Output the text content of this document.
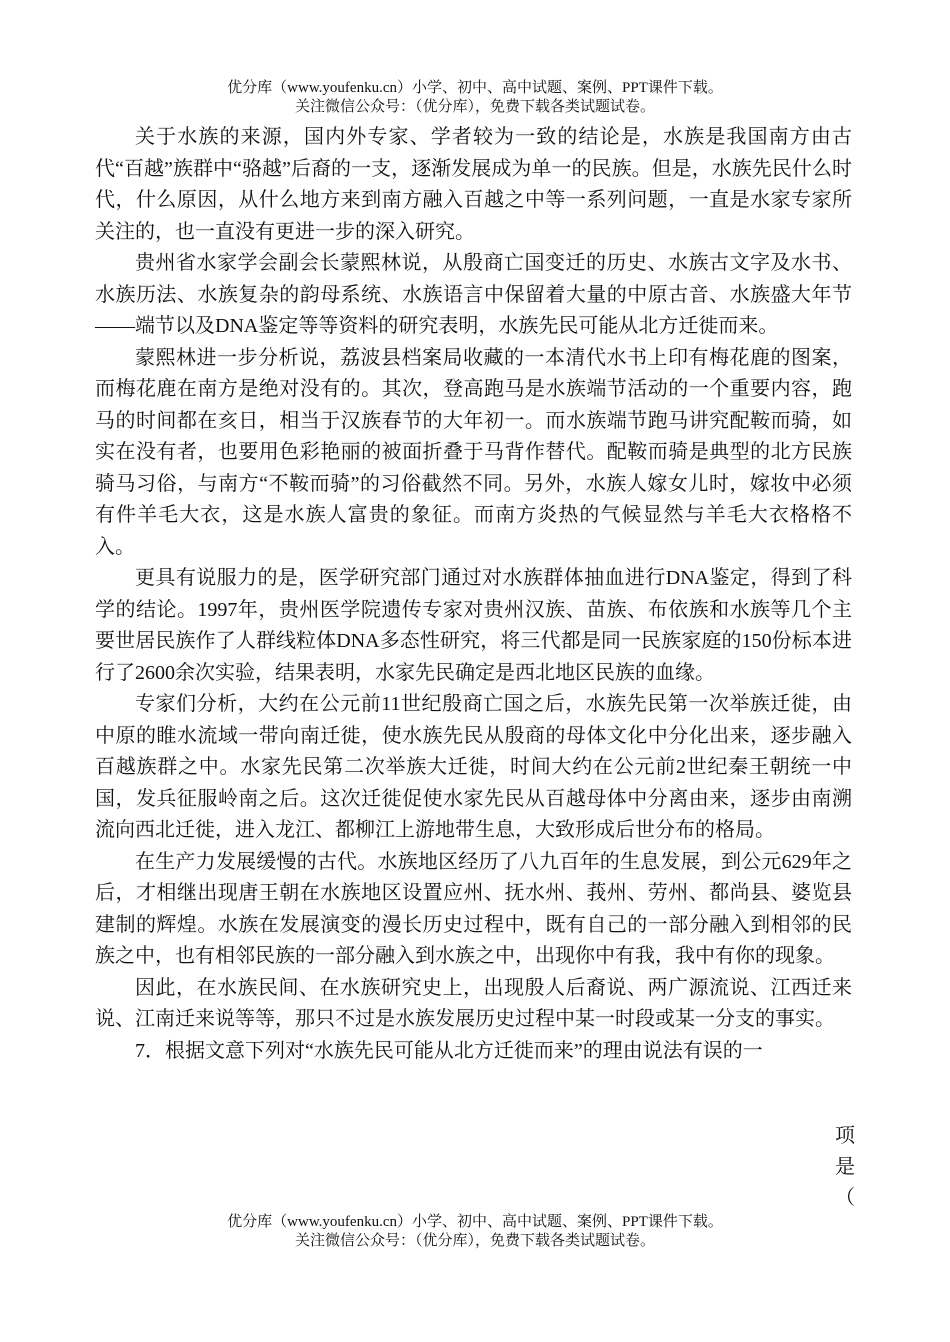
优分库（www.youfenku.cn）小学、初中、高中试题、案例、PPT课件下载。
关注微信公众号：（优分库），免费下载各类试题试卷。

关于水族的来源，国内外专家、学者较为一致的结论是，水族是我国南方由古代“百越”族群中“骆越”后裔的一支，逐渐发展成为单一的民族。但是，水族先民什么时代，什么原因，从什么地方来到南方融入百越之中等一系列问题，一直是水家专家所关注的，也一直没有更进一步的深入研究。

贵州省水家学会副会长蒙熙林说，从殷商亡国变迁的历史、水族古文字及水书、水族历法、水族复杂的韵母系统、水族语言中保留着大量的中原古音、水族盛大年节——端节以及DNA鉴定等等资料的研究表明，水族先民可能从北方迁徙而来。

蒙熙林进一步分析说，荔波县档案局收藏的一本清代水书上印有梅花鹿的图案，而梅花鹿在南方是绝对没有的。其次，登高跑马是水族端节活动的一个重要内容，跑马的时间都在亥日，相当于汉族春节的大年初一。而水族端节跑马讲究配鞍而骑，如实在没有者，也要用色彩艳丽的被面折叠于马背作替代。配鞍而骑是典型的北方民族骑马习俗，与南方“不鞍而骑”的习俗截然不同。另外，水族人嫁女儿时，嫁妆中必须有件羊毛大衣，这是水族人富贵的象征。而南方炎热的气候显然与羊毛大衣格格不入。

更具有说服力的是，医学研究部门通过对水族群体抽血进行DNA鉴定，得到了科学的结论。1997年，贵州医学院遗传专家对贵州汉族、苗族、布依族和水族等几个主要世居民族作了人群线粒体DNA多态性研究，将三代都是同一民族家庭的150份标本进行了2600余次实验，结果表明，水家先民确定是西北地区民族的血缘。

专家们分析，大约在公元前11世纪殷商亡国之后，水族先民第一次举族迁徙，由中原的睢水流域一带向南迁徙，使水族先民从殷商的母体文化中分化出来，逐步融入百越族群之中。水家先民第二次举族大迁徙，时间大约在公元前2世纪秦王朝统一中国，发兵征服岭南之后。这次迁徙促使水家先民从百越母体中分离由来，逐步由南溯流向西北迁徙，进入龙江、都柳江上游地带生息，大致形成后世分布的格局。

在生产力发展缓慢的古代。水族地区经历了八九百年的生息发展，到公元629年之后，才相继出现唐王朝在水族地区设置应州、抚水州、莪州、劳州、都尚县、婆览县建制的辉煌。水族在发展演变的漫长历史过程中，既有自己的一部分融入到相邻的民族之中，也有相邻民族的一部分融入到水族之中，出现你中有我，我中有你的现象。

因此，在水族民间、在水族研究史上，出现殷人后裔说、两广源流说、江西迁来说、江南迁来说等等，那只不过是水族发展历史过程中某一时段或某一分支的事实。

7．根据文意下列对“水族先民可能从北方迁徙而来”的理由说法有误的一

项
是
（
优分库（www.youfenku.cn）小学、初中、高中试题、案例、PPT课件下载。
关注微信公众号：（优分库），免费下载各类试题试卷。
